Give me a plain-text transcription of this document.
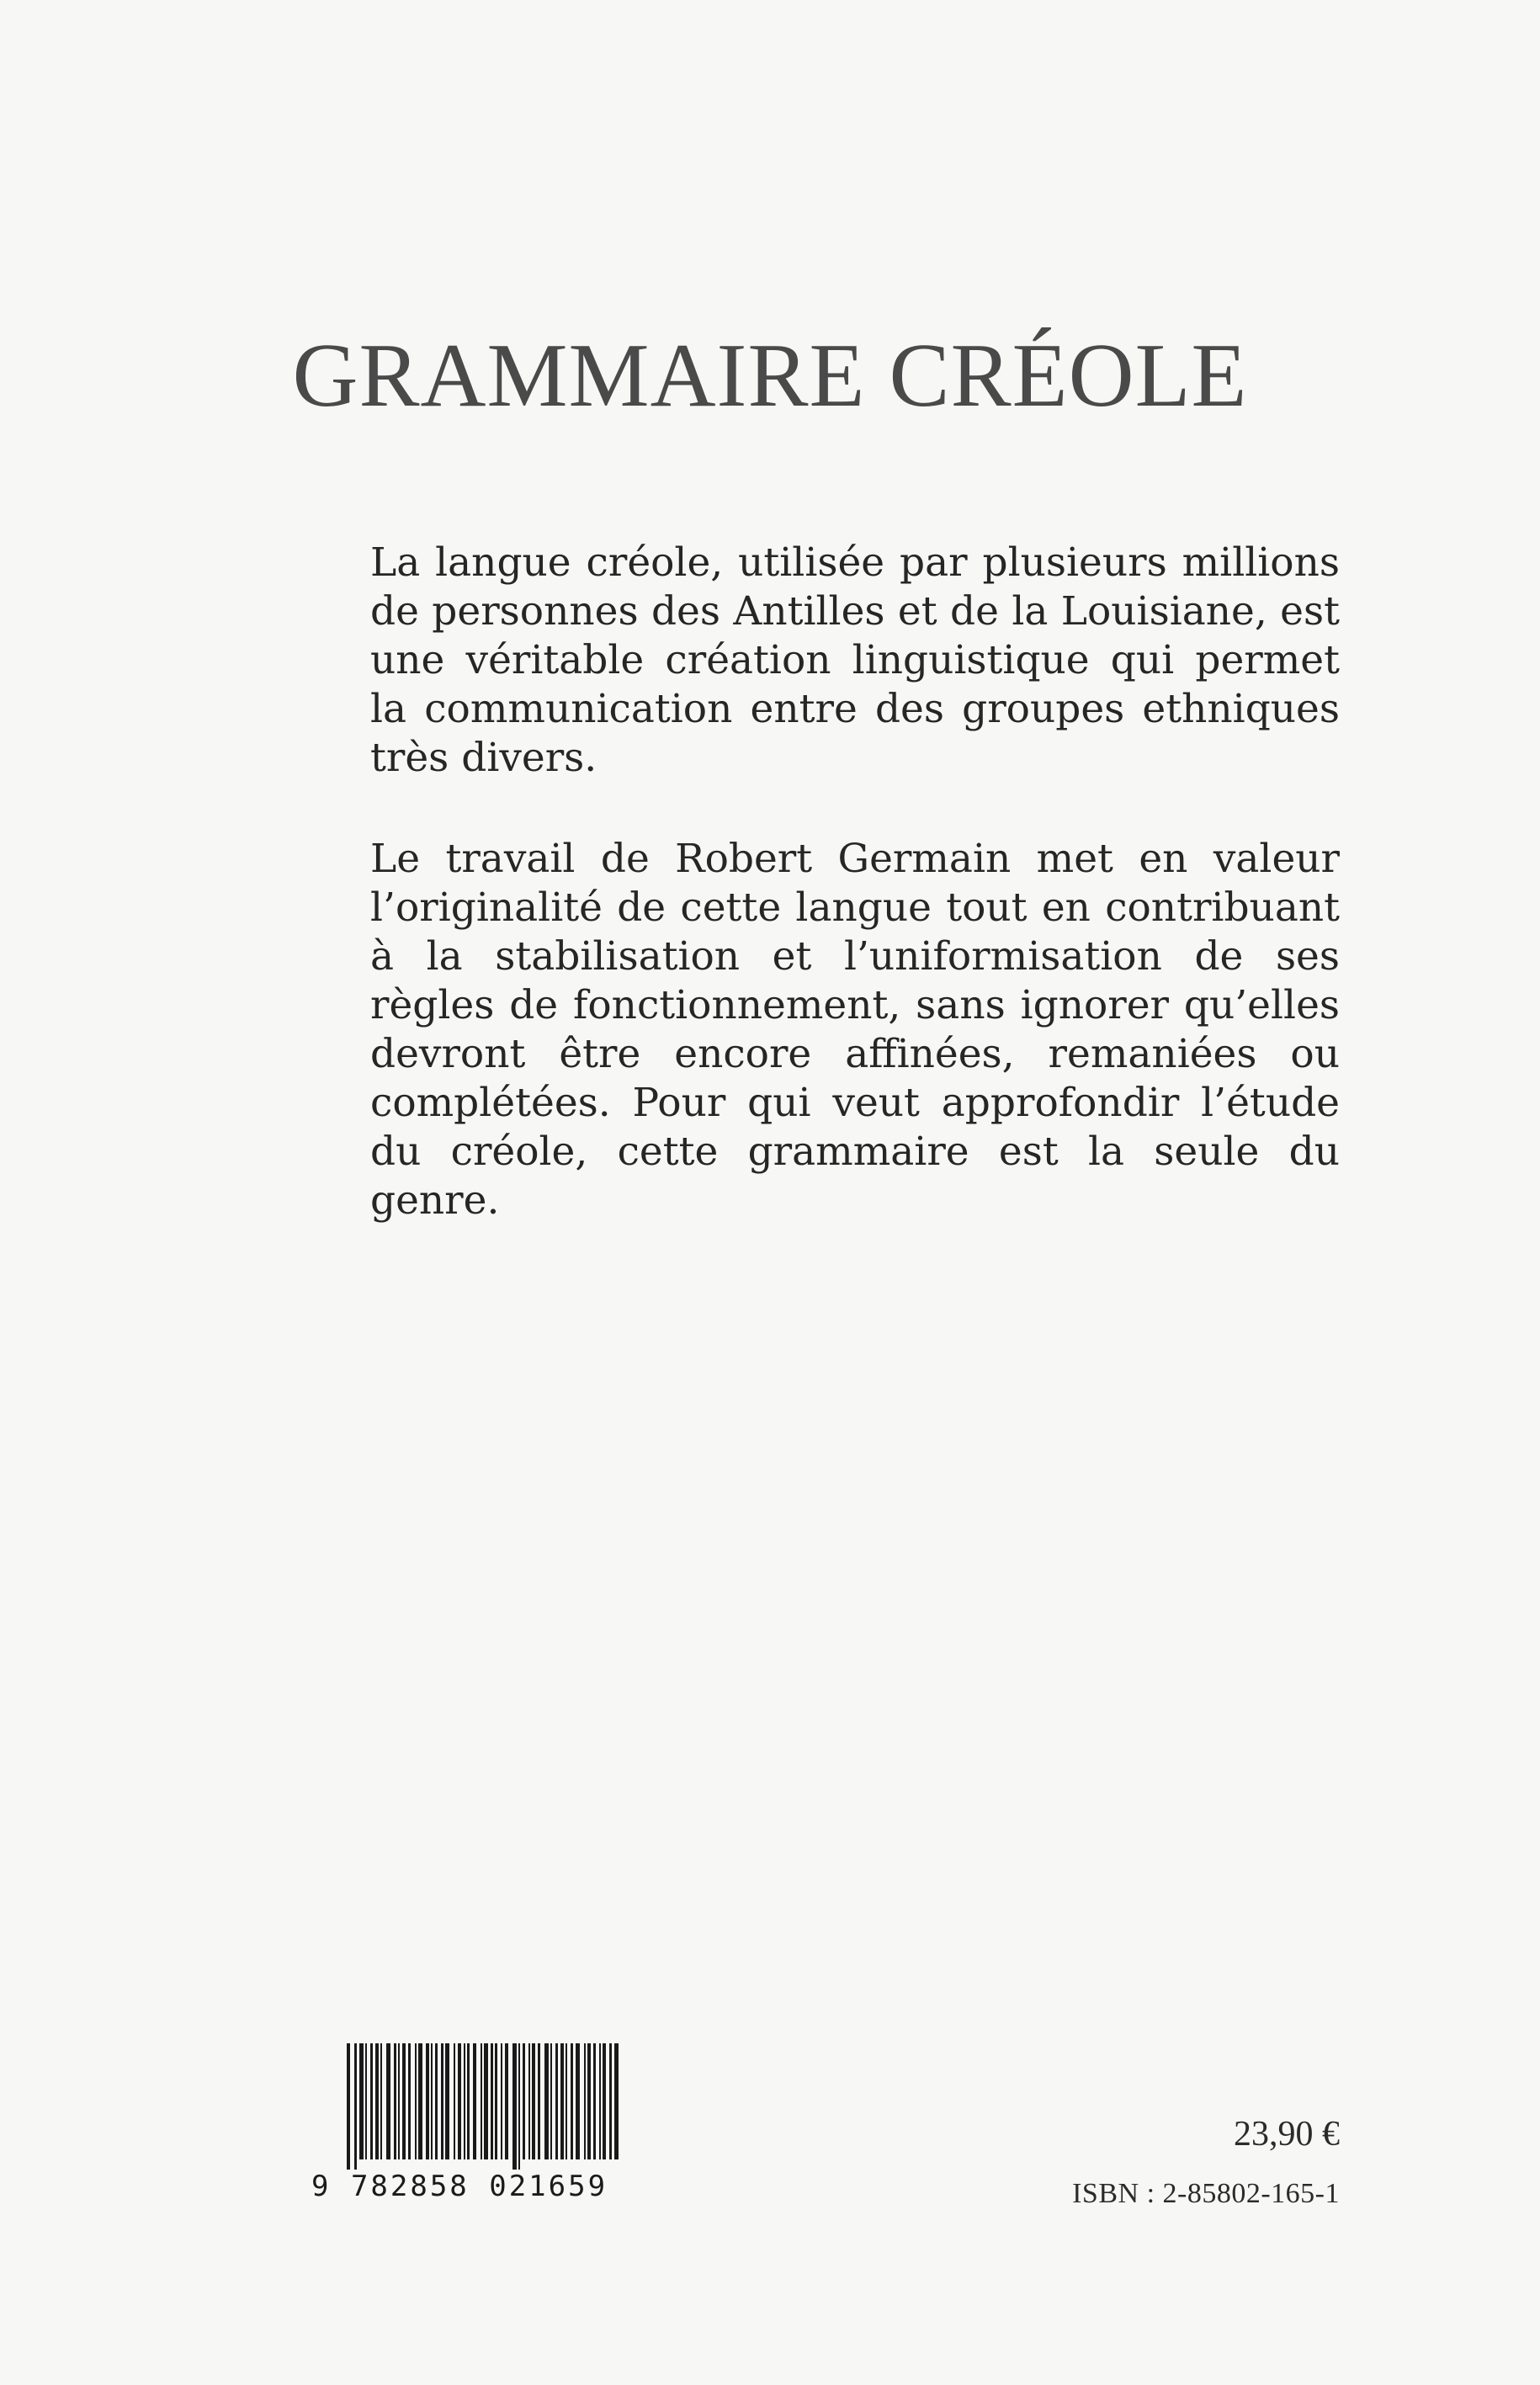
GRAMMAIRE CRÉOLE

La langue créole, utilisée par plusieurs millions de personnes des Antilles et de la Louisiane, est une véritable création linguistique qui permet la communication entre des groupes ethniques très divers.

Le travail de Robert Germain met en valeur l’originalité de cette langue tout en contribuant à la stabilisation et l’uniformisation de ses règles de fonctionnement, sans ignorer qu’elles devront être encore affinées, remaniées ou complétées. Pour qui veut approfondir l’étude du créole, cette grammaire est la seule du genre.

9 782858 021659
23,90 €
ISBN : 2-85802-165-1
